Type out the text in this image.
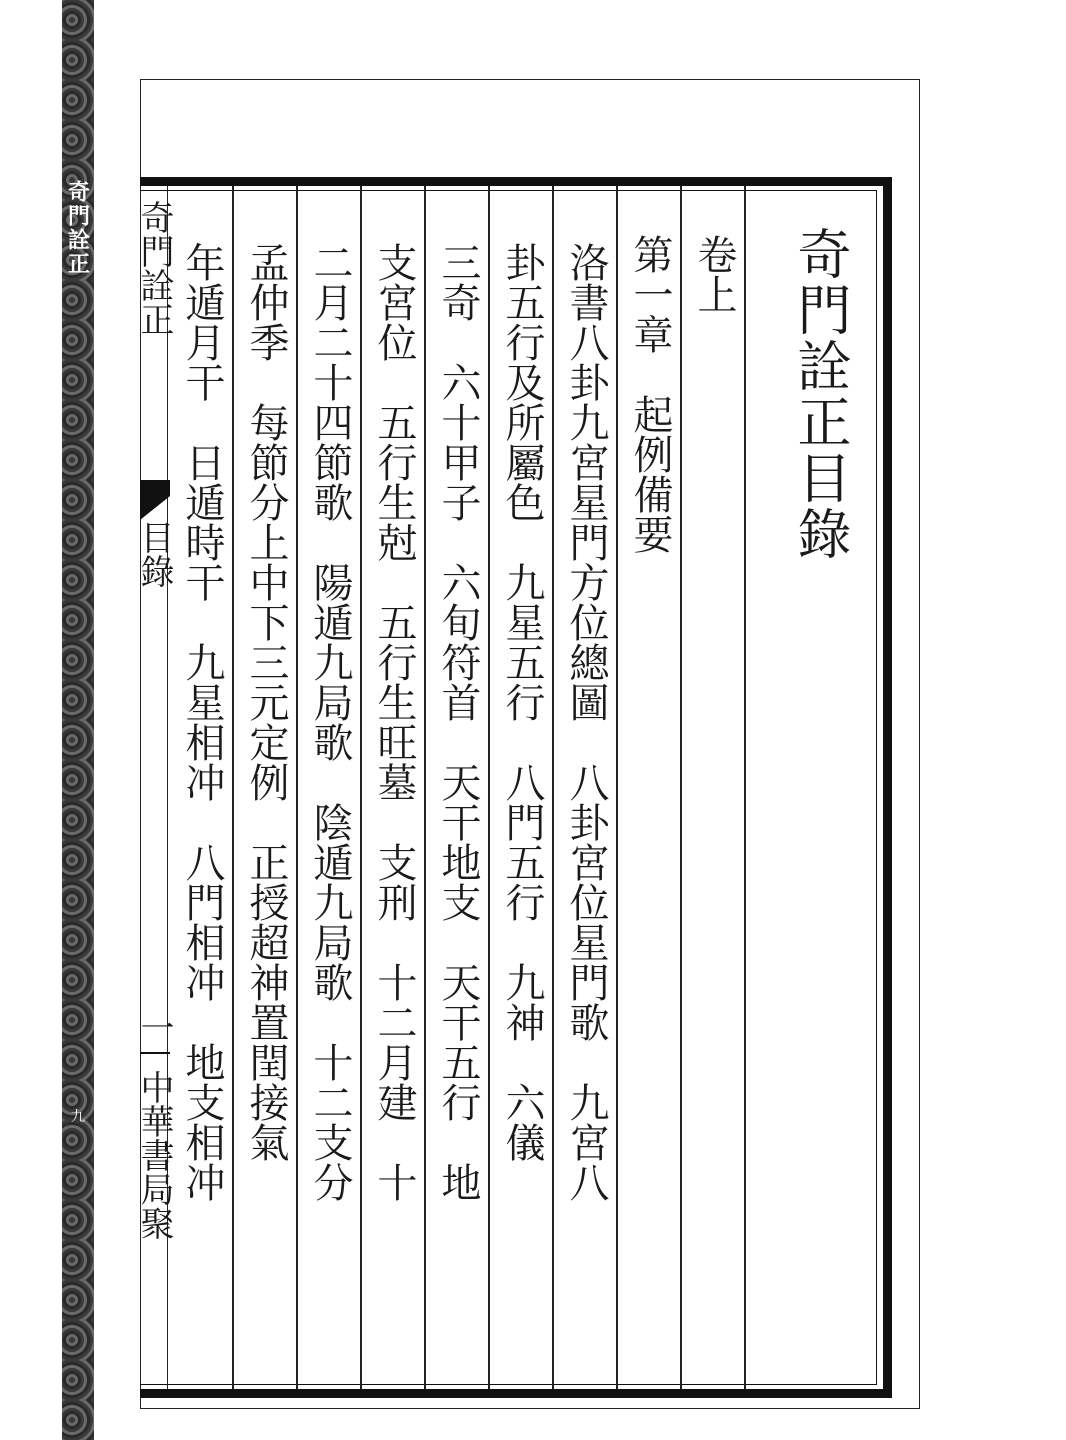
奇門詮正
九
奇門詮正目錄
卷上
第一章　起例備要
洛書八卦九宮星門方位總圖　八卦宮位星門歌　九宮八
卦五行及所屬色　九星五行　八門五行　九神　六儀
三奇　六十甲子　六旬符首　天干地支　天干五行　地
支宮位　五行生尅　五行生旺墓　支刑　十二月建　十
二月二十四節歌　陽遁九局歌　陰遁九局歌　十二支分
孟仲季　每節分上中下三元定例　正授超神置閏接氣
年遁月干　日遁時干　九星相冲　八門相冲　地支相冲
奇門詮正
目錄
一
中華書局聚
